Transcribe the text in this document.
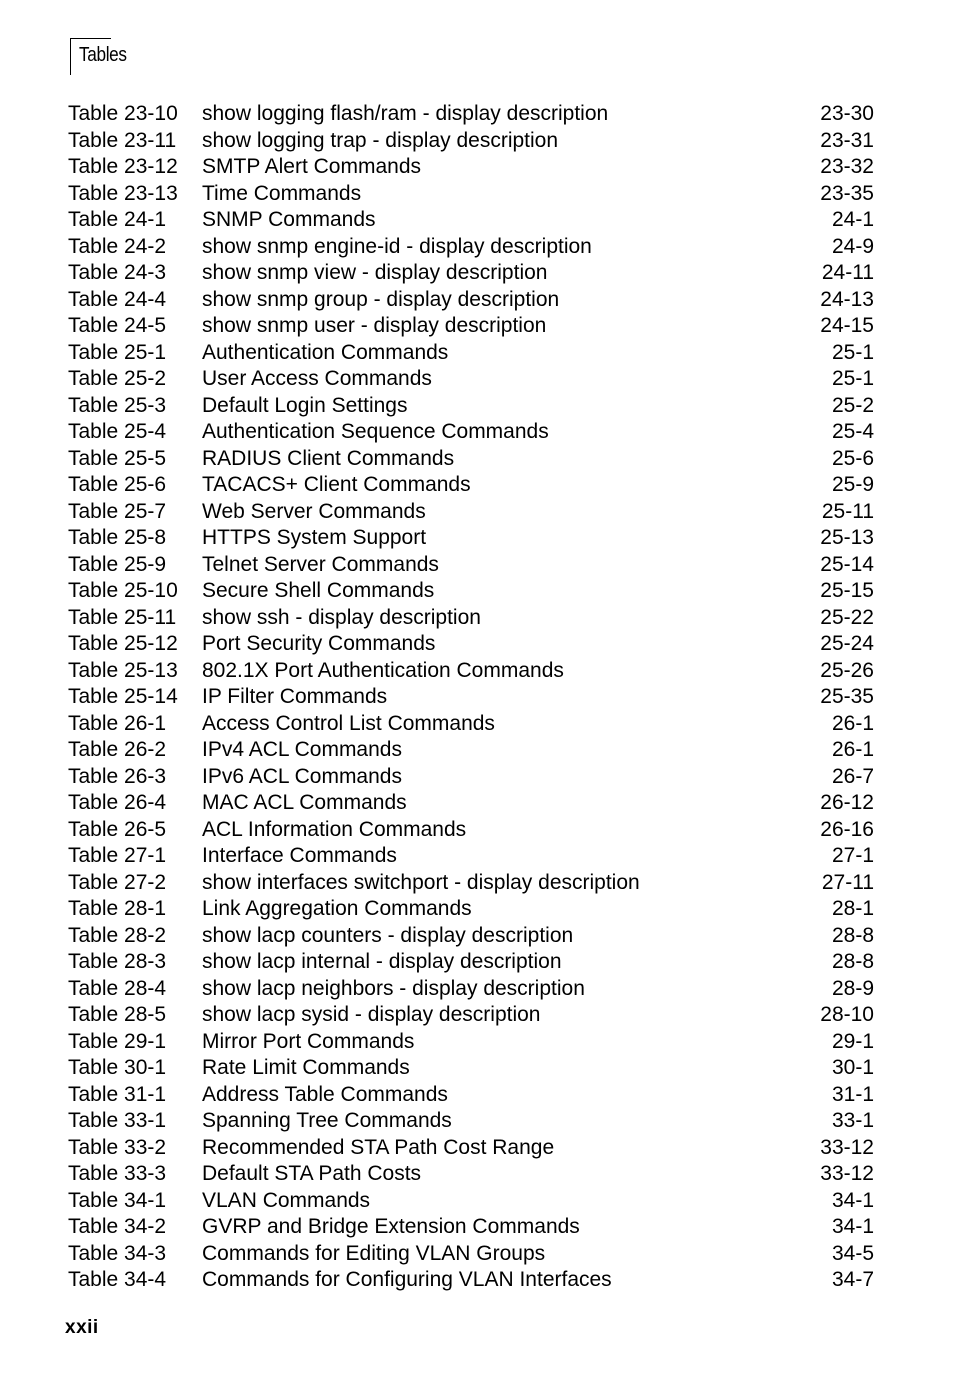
Tables
Table 23-10 show logging flash/ram - display description	23-30
Table 23-11 show logging trap - display description	23-31
Table 23-12 SMTP Alert Commands	23-32
Table 23-13 Time Commands	23-35
Table 24-1 SNMP Commands	24-1
Table 24-2 show snmp engine-id - display description	24-9
Table 24-3 show snmp view - display description	24-11
Table 24-4 show snmp group - display description	24-13
Table 24-5 show snmp user - display description	24-15
Table 25-1 Authentication Commands	25-1
Table 25-2 User Access Commands	25-1
Table 25-3 Default Login Settings	25-2
Table 25-4 Authentication Sequence Commands	25-4
Table 25-5 RADIUS Client Commands	25-6
Table 25-6 TACACS+ Client Commands	25-9
Table 25-7 Web Server Commands	25-11
Table 25-8 HTTPS System Support	25-13
Table 25-9 Telnet Server Commands	25-14
Table 25-10 Secure Shell Commands	25-15
Table 25-11 show ssh - display description	25-22
Table 25-12 Port Security Commands	25-24
Table 25-13 802.1X Port Authentication Commands	25-26
Table 25-14 IP Filter Commands	25-35
Table 26-1 Access Control List Commands	26-1
Table 26-2 IPv4 ACL Commands	26-1
Table 26-3 IPv6 ACL Commands	26-7
Table 26-4 MAC ACL Commands	26-12
Table 26-5 ACL Information Commands	26-16
Table 27-1 Interface Commands	27-1
Table 27-2 show interfaces switchport - display description	27-11
Table 28-1 Link Aggregation Commands	28-1
Table 28-2 show lacp counters - display description	28-8
Table 28-3 show lacp internal - display description	28-8
Table 28-4 show lacp neighbors - display description	28-9
Table 28-5 show lacp sysid - display description	28-10
Table 29-1 Mirror Port Commands	29-1
Table 30-1 Rate Limit Commands	30-1
Table 31-1 Address Table Commands	31-1
Table 33-1 Spanning Tree Commands	33-1
Table 33-2 Recommended STA Path Cost Range	33-12
Table 33-3 Default STA Path Costs	33-12
Table 34-1 VLAN Commands	34-1
Table 34-2 GVRP and Bridge Extension Commands	34-1
Table 34-3 Commands for Editing VLAN Groups	34-5
Table 34-4 Commands for Configuring VLAN Interfaces	34-7
xxii
